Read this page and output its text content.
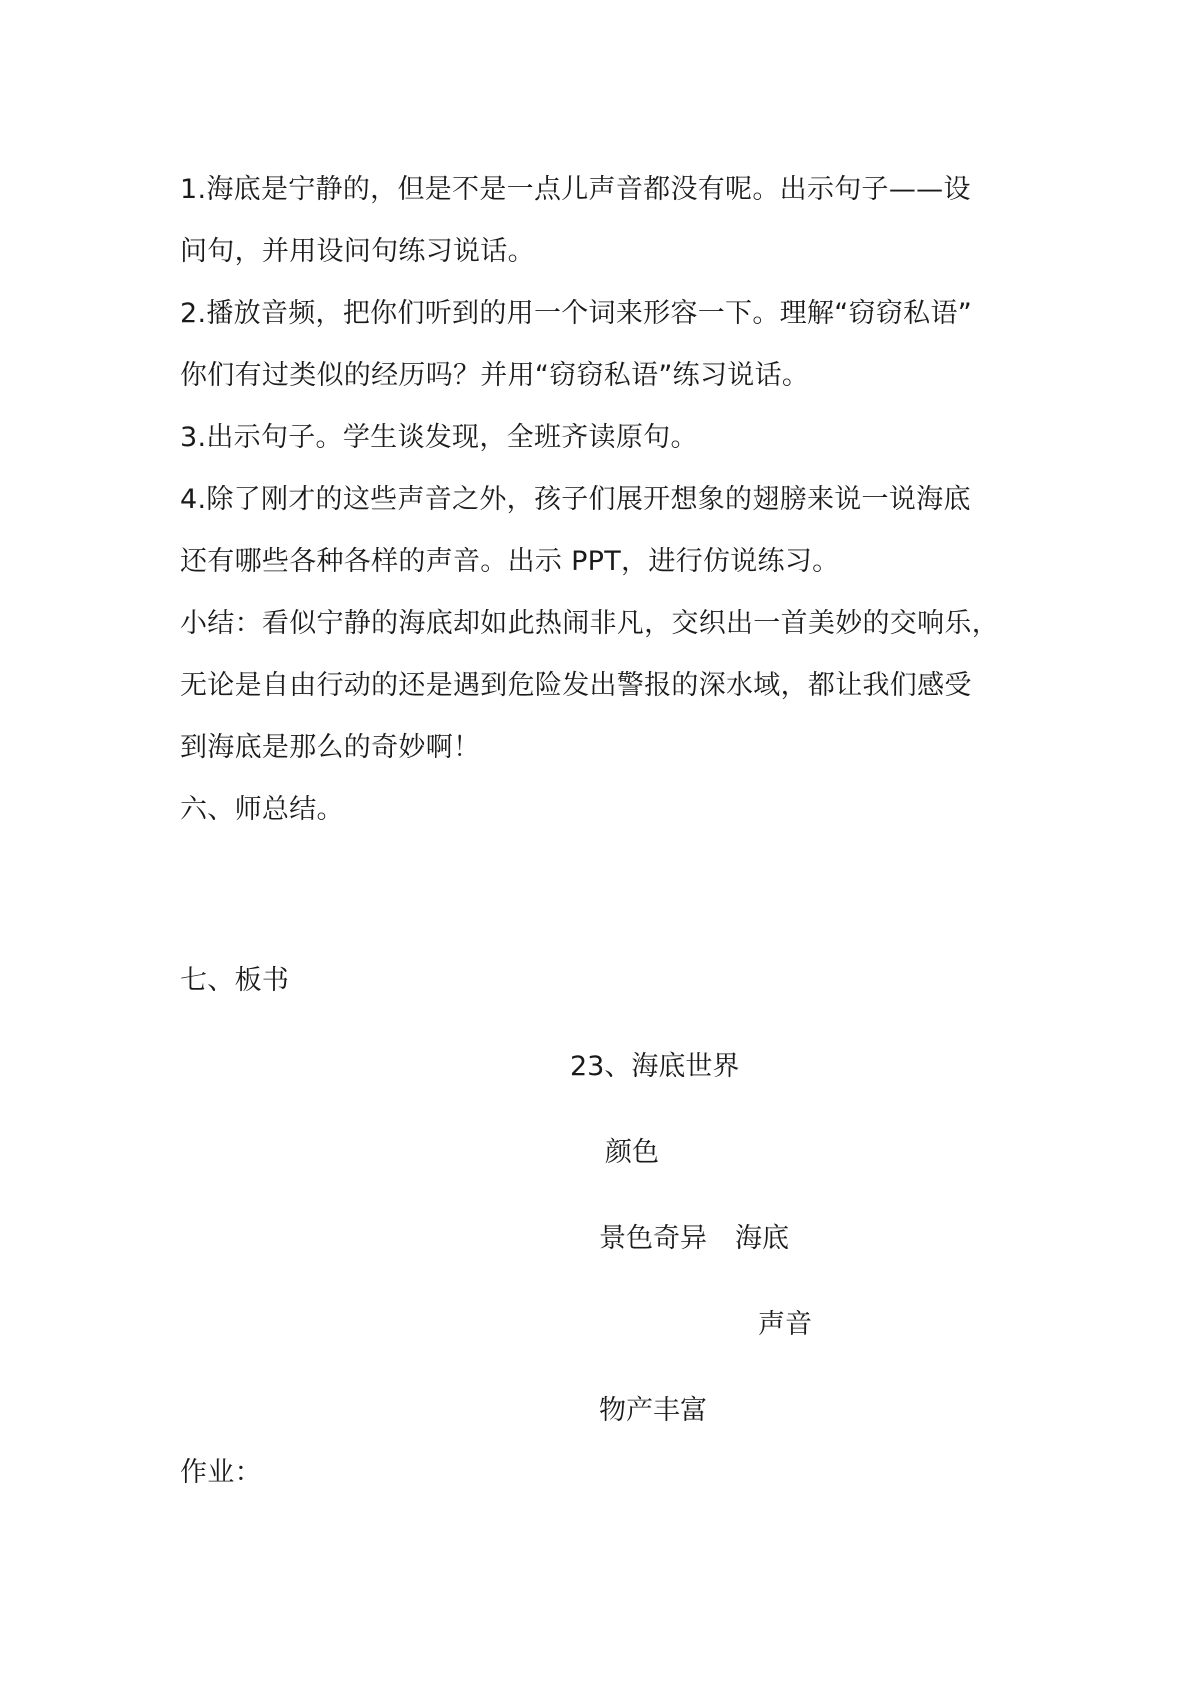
1.海底是宁静的，但是不是一点儿声音都没有呢。出示句子——设
问句，并用设问句练习说话。
2.播放音频，把你们听到的用一个词来形容一下。理解“窃窃私语”
你们有过类似的经历吗？并用“窃窃私语”练习说话。
3.出示句子。学生谈发现，全班齐读原句。
4.除了刚才的这些声音之外，孩子们展开想象的翅膀来说一说海底
还有哪些各种各样的声音。出示 PPT，进行仿说练习。
小结：看似宁静的海底却如此热闹非凡，交织出一首美妙的交响乐，
无论是自由行动的还是遇到危险发出警报的深水域，都让我们感受
到海底是那么的奇妙啊！
六、师总结。
七、板书
23、海底世界
颜色
景色奇异 海底
声音
物产丰富
作业：
